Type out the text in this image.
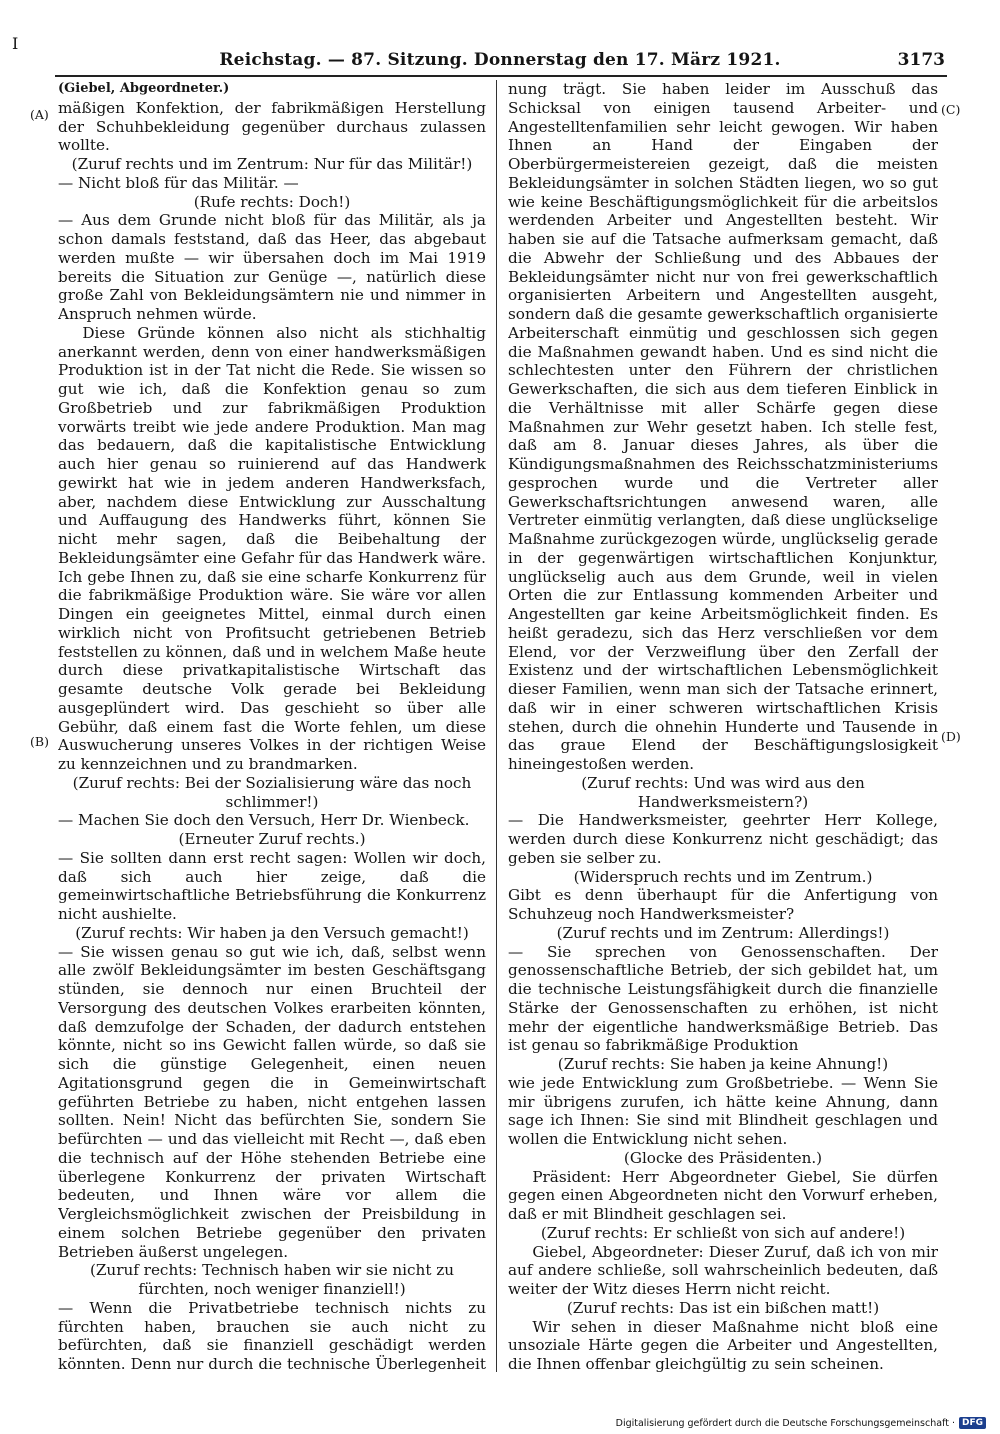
I
Reichstag. — 87. Sitzung. Donnerstag den 17. März 1921.	3173
(A)
(B)
(C)
(D)

(Giebel, Abgeordneter.)

mäßigen Konfektion, der fabrikmäßigen Herstellung der Schuhbekleidung gegenüber durchaus zulassen wollte.

(Zuruf rechts und im Zentrum: Nur für das Militär!)

— Nicht bloß für das Militär. —

(Rufe rechts: Doch!)

— Aus dem Grunde nicht bloß für das Militär, als ja schon damals feststand, daß das Heer, das abgebaut werden mußte — wir übersahen doch im Mai 1919 bereits die Situation zur Genüge —, natürlich diese große Zahl von Bekleidungsämtern nie und nimmer in Anspruch nehmen würde.

Diese Gründe können also nicht als stichhaltig anerkannt werden, denn von einer handwerksmäßigen Produktion ist in der Tat nicht die Rede. Sie wissen so gut wie ich, daß die Konfektion genau so zum Großbetrieb und zur fabrikmäßigen Produktion vorwärts treibt wie jede andere Produktion. Man mag das bedauern, daß die kapitalistische Entwicklung auch hier genau so ruinierend auf das Handwerk gewirkt hat wie in jedem anderen Handwerksfach, aber, nachdem diese Entwicklung zur Ausschaltung und Auffaugung des Handwerks führt, können Sie nicht mehr sagen, daß die Beibehaltung der Bekleidungsämter eine Gefahr für das Handwerk wäre. Ich gebe Ihnen zu, daß sie eine scharfe Konkurrenz für die fabrikmäßige Produktion wäre. Sie wäre vor allen Dingen ein geeignetes Mittel, einmal durch einen wirklich nicht von Profitsucht getriebenen Betrieb feststellen zu können, daß und in welchem Maße heute durch diese privatkapitalistische Wirtschaft das gesamte deutsche Volk gerade bei Bekleidung ausgeplündert wird. Das geschieht so über alle Gebühr, daß einem fast die Worte fehlen, um diese Auswucherung unseres Volkes in der richtigen Weise zu kennzeichnen und zu brandmarken.

(Zuruf rechts: Bei der Sozialisierung wäre das noch schlimmer!)

— Machen Sie doch den Versuch, Herr Dr. Wienbeck.

(Erneuter Zuruf rechts.)

— Sie sollten dann erst recht sagen: Wollen wir doch, daß sich auch hier zeige, daß die gemeinwirtschaftliche Betriebsführung die Konkurrenz nicht aushielte.

(Zuruf rechts: Wir haben ja den Versuch gemacht!)

— Sie wissen genau so gut wie ich, daß, selbst wenn alle zwölf Bekleidungsämter im besten Geschäftsgang stünden, sie dennoch nur einen Bruchteil der Versorgung des deutschen Volkes erarbeiten könnten, daß demzufolge der Schaden, der dadurch entstehen könnte, nicht so ins Gewicht fallen würde, so daß sie sich die günstige Gelegenheit, einen neuen Agitationsgrund gegen die in Gemeinwirtschaft geführten Betriebe zu haben, nicht entgehen lassen sollten. Nein! Nicht das befürchten Sie, sondern Sie befürchten — und das vielleicht mit Recht —, daß eben die technisch auf der Höhe stehenden Betriebe eine überlegene Konkurrenz der privaten Wirtschaft bedeuten, und Ihnen wäre vor allem die Vergleichsmöglichkeit zwischen der Preisbildung in einem solchen Betriebe gegenüber den privaten Betrieben äußerst ungelegen.

(Zuruf rechts: Technisch haben wir sie nicht zu fürchten, noch weniger finanziell!)

— Wenn die Privatbetriebe technisch nichts zu fürchten haben, brauchen sie auch nicht zu befürchten, daß sie finanziell geschädigt werden könnten. Denn nur durch die technische Überlegenheit

nung trägt. Sie haben leider im Ausschuß das Schicksal von einigen tausend Arbeiter- und Angestelltenfamilien sehr leicht gewogen. Wir haben Ihnen an Hand der Eingaben der Oberbürgermeistereien gezeigt, daß die meisten Bekleidungsämter in solchen Städten liegen, wo so gut wie keine Beschäftigungsmöglichkeit für die arbeitslos werdenden Arbeiter und Angestellten besteht. Wir haben sie auf die Tatsache aufmerksam gemacht, daß die Abwehr der Schließung und des Abbaues der Bekleidungsämter nicht nur von frei gewerkschaftlich organisierten Arbeitern und Angestellten ausgeht, sondern daß die gesamte gewerkschaftlich organisierte Arbeiterschaft einmütig und geschlossen sich gegen die Maßnahmen gewandt haben. Und es sind nicht die schlechtesten unter den Führern der christlichen Gewerkschaften, die sich aus dem tieferen Einblick in die Verhältnisse mit aller Schärfe gegen diese Maßnahmen zur Wehr gesetzt haben. Ich stelle fest, daß am 8. Januar dieses Jahres, als über die Kündigungsmaßnahmen des Reichsschatzministeriums gesprochen wurde und die Vertreter aller Gewerkschaftsrichtungen anwesend waren, alle Vertreter einmütig verlangten, daß diese unglückselige Maßnahme zurückgezogen würde, unglückselig gerade in der gegenwärtigen wirtschaftlichen Konjunktur, unglückselig auch aus dem Grunde, weil in vielen Orten die zur Entlassung kommenden Arbeiter und Angestellten gar keine Arbeitsmöglichkeit finden. Es heißt geradezu, sich das Herz verschließen vor dem Elend, vor der Verzweiflung über den Zerfall der Existenz und der wirtschaftlichen Lebensmöglichkeit dieser Familien, wenn man sich der Tatsache erinnert, daß wir in einer schweren wirtschaftlichen Krisis stehen, durch die ohnehin Hunderte und Tausende in das graue Elend der Beschäftigungslosigkeit hineingestoßen werden.

(Zuruf rechts: Und was wird aus den Handwerksmeistern?)

— Die Handwerksmeister, geehrter Herr Kollege, werden durch diese Konkurrenz nicht geschädigt; das geben sie selber zu.

(Widerspruch rechts und im Zentrum.)

Gibt es denn überhaupt für die Anfertigung von Schuhzeug noch Handwerksmeister?

(Zuruf rechts und im Zentrum: Allerdings!)

— Sie sprechen von Genossenschaften. Der genossenschaftliche Betrieb, der sich gebildet hat, um die technische Leistungsfähigkeit durch die finanzielle Stärke der Genossenschaften zu erhöhen, ist nicht mehr der eigentliche handwerksmäßige Betrieb. Das ist genau so fabrikmäßige Produktion

(Zuruf rechts: Sie haben ja keine Ahnung!)

wie jede Entwicklung zum Großbetriebe. — Wenn Sie mir übrigens zurufen, ich hätte keine Ahnung, dann sage ich Ihnen: Sie sind mit Blindheit geschlagen und wollen die Entwicklung nicht sehen.

(Glocke des Präsidenten.)

Präsident: Herr Abgeordneter Giebel, Sie dürfen gegen einen Abgeordneten nicht den Vorwurf erheben, daß er mit Blindheit geschlagen sei.

(Zuruf rechts: Er schließt von sich auf andere!)

Giebel, Abgeordneter: Dieser Zuruf, daß ich von mir auf andere schließe, soll wahrscheinlich bedeuten, daß weiter der Witz dieses Herrn nicht reicht.

(Zuruf rechts: Das ist ein bißchen matt!)

Wir sehen in dieser Maßnahme nicht bloß eine unsoziale Härte gegen die Arbeiter und Angestellten, die Ihnen offenbar gleichgültig zu sein scheinen.

Digitalisierung gefördert durch die Deutsche Forschungsgemeinschaft · DFG
